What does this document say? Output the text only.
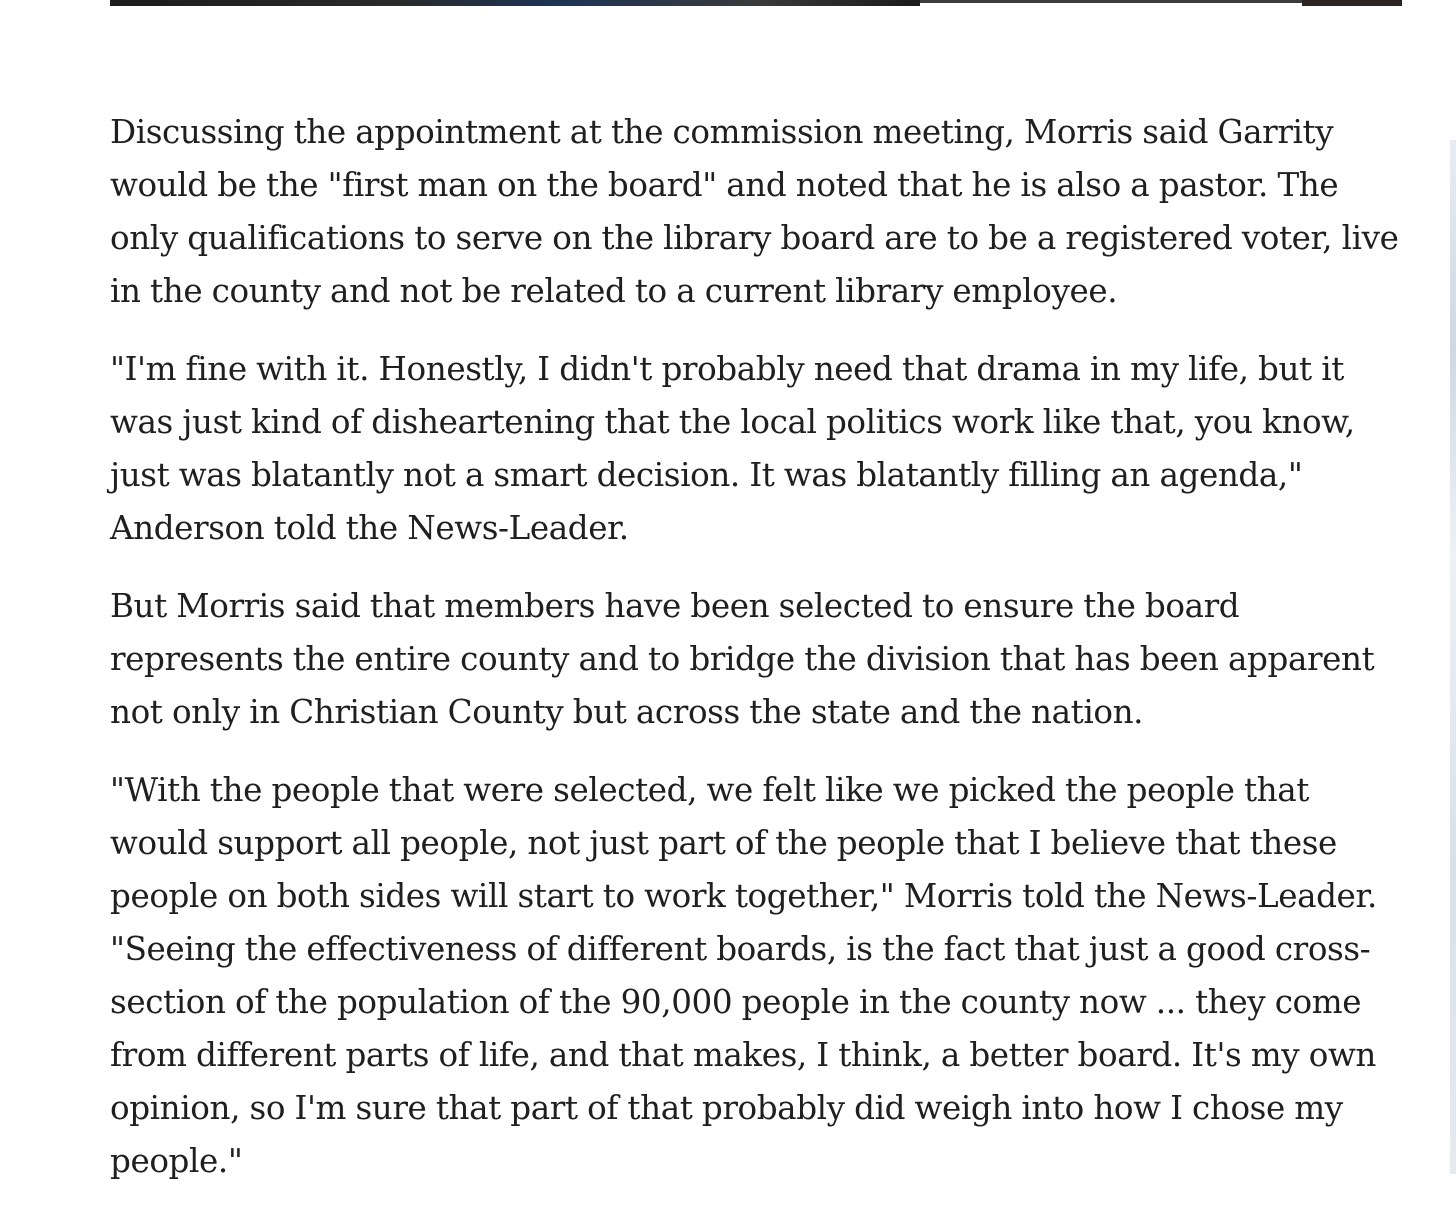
Discussing the appointment at the commission meeting, Morris said Garrity would be the "first man on the board" and noted that he is also a pastor. The only qualifications to serve on the library board are to be a registered voter, live in the county and not be related to a current library employee.

"I'm fine with it. Honestly, I didn't probably need that drama in my life, but it was just kind of disheartening that the local politics work like that, you know, just was blatantly not a smart decision. It was blatantly filling an agenda," Anderson told the News-Leader.

But Morris said that members have been selected to ensure the board represents the entire county and to bridge the division that has been apparent not only in Christian County but across the state and the nation.

"With the people that were selected, we felt like we picked the people that would support all people, not just part of the people that I believe that these people on both sides will start to work together," Morris told the News-Leader. "Seeing the effectiveness of different boards, is the fact that just a good cross-section of the population of the 90,000 people in the county now ... they come from different parts of life, and that makes, I think, a better board. It's my own opinion, so I'm sure that part of that probably did weigh into how I chose my people."
